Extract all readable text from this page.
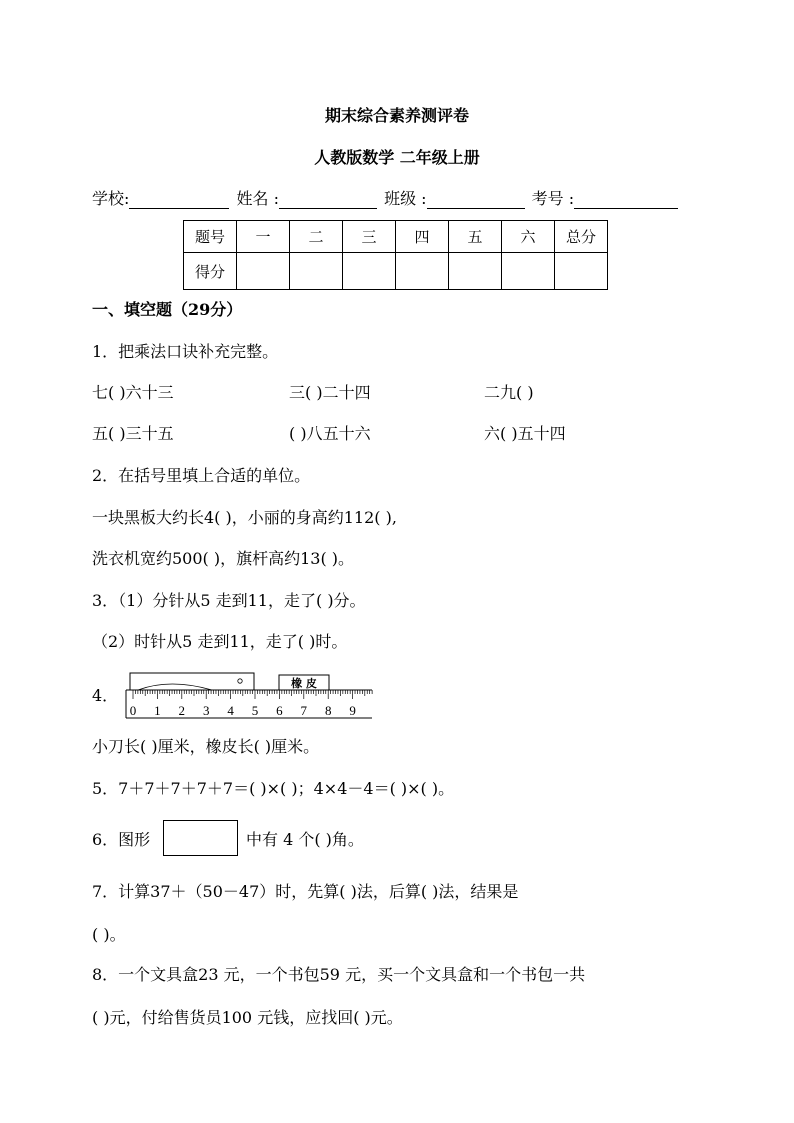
期末综合素养测评卷
人教版数学 二年级上册
学校:	姓名 :	班级 :	考号 :
题号	一	二	三	四	五	六	总分
得分							
一、填空题（29分）
1．把乘法口诀补充完整。
七( )六十三	三( )二十四	二九( )
五( )三十五	( )八五十六	六( )五十四
2．在括号里填上合适的单位。
一块黑板大约长4( )，小丽的身高约112( ),
洗衣机宽约500( )，旗杆高约13( )。
3．（1）分针从5 走到11，走了( )分。
（2）时针从5 走到11，走了( )时。
4．
橡 皮
0 1 2 3 4 5 6 7 8 9
小刀长( )厘米，橡皮长( )厘米。
5．7＋7＋7＋7＋7＝( )×( )；4×4－4＝( )×( )。
6．图形	中有 4 个( )角。
7．计算37＋（50－47）时，先算( )法，后算( )法，结果是
( )。
8．一个文具盒23 元，一个书包59 元，买一个文具盒和一个书包一共
( )元，付给售货员100 元钱，应找回( )元。
